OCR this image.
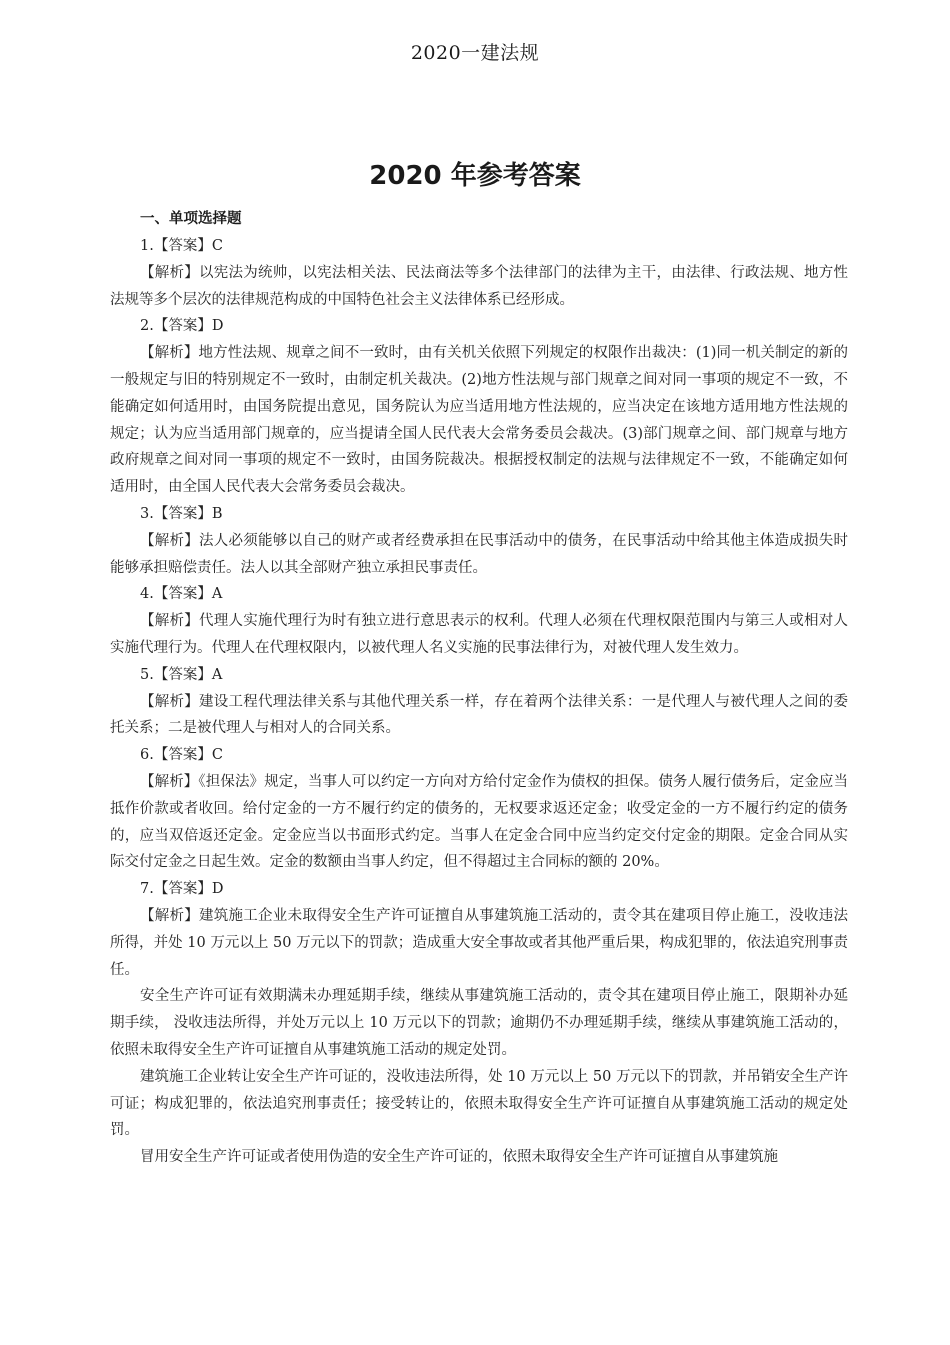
2020一建法规
2020 年参考答案
一、单项选择题
1.【答案】C
【解析】以宪法为统帅，以宪法相关法、民法商法等多个法律部门的法律为主干，由法律、行政法规、地方性法规等多个层次的法律规范构成的中国特色社会主义法律体系已经形成。
2.【答案】D
【解析】地方性法规、规章之间不一致时，由有关机关依照下列规定的权限作出裁决：(1)同一机关制定的新的一般规定与旧的特别规定不一致时，由制定机关裁决。(2)地方性法规与部门规章之间对同一事项的规定不一致，不能确定如何适用时，由国务院提出意见，国务院认为应当适用地方性法规的，应当决定在该地方适用地方性法规的规定；认为应当适用部门规章的，应当提请全国人民代表大会常务委员会裁决。(3)部门规章之间、部门规章与地方政府规章之间对同一事项的规定不一致时，由国务院裁决。根据授权制定的法规与法律规定不一致，不能确定如何适用时，由全国人民代表大会常务委员会裁决。
3.【答案】B
【解析】法人必须能够以自己的财产或者经费承担在民事活动中的债务，在民事活动中给其他主体造成损失时能够承担赔偿责任。法人以其全部财产独立承担民事责任。
4.【答案】A
【解析】代理人实施代理行为时有独立进行意思表示的权利。代理人必须在代理权限范围内与第三人或相对人实施代理行为。代理人在代理权限内，以被代理人名义实施的民事法律行为，对被代理人发生效力。
5.【答案】A
【解析】建设工程代理法律关系与其他代理关系一样，存在着两个法律关系：一是代理人与被代理人之间的委托关系；二是被代理人与相对人的合同关系。
6.【答案】C
【解析】《担保法》规定，当事人可以约定一方向对方给付定金作为债权的担保。债务人履行债务后，定金应当抵作价款或者收回。给付定金的一方不履行约定的债务的，无权要求返还定金；收受定金的一方不履行约定的债务的，应当双倍返还定金。定金应当以书面形式约定。当事人在定金合同中应当约定交付定金的期限。定金合同从实际交付定金之日起生效。定金的数额由当事人约定，但不得超过主合同标的额的 20%。
7.【答案】D
【解析】建筑施工企业未取得安全生产许可证擅自从事建筑施工活动的，责令其在建项目停止施工，没收违法所得，并处 10 万元以上 50 万元以下的罚款；造成重大安全事故或者其他严重后果，构成犯罪的，依法追究刑事责任。
安全生产许可证有效期满未办理延期手续，继续从事建筑施工活动的，责令其在建项目停止施工，限期补办延期手续， 没收违法所得，并处万元以上 10 万元以下的罚款；逾期仍不办理延期手续，继续从事建筑施工活动的，依照未取得安全生产许可证擅自从事建筑施工活动的规定处罚。
建筑施工企业转让安全生产许可证的，没收违法所得，处 10 万元以上 50 万元以下的罚款，并吊销安全生产许可证；构成犯罪的，依法追究刑事责任；接受转让的，依照未取得安全生产许可证擅自从事建筑施工活动的规定处罚。
冒用安全生产许可证或者使用伪造的安全生产许可证的，依照未取得安全生产许可证擅自从事建筑施
